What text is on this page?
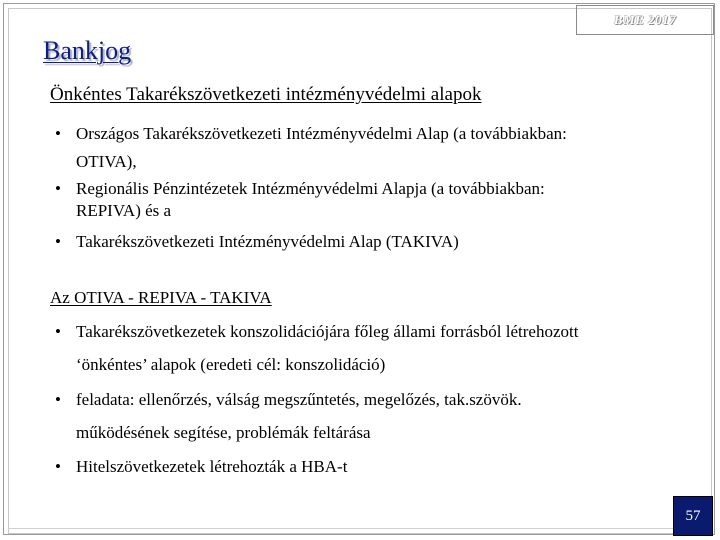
BME 2017
Bankjog
Önkéntes Takarékszövetkezeti intézményvédelmi alapok
• Országos Takarékszövetkezeti Intézményvédelmi Alap (a továbbiakban:
OTIVA),
• Regionális Pénzintézetek Intézményvédelmi Alapja (a továbbiakban:
REPIVA) és a
• Takarékszövetkezeti Intézményvédelmi Alap (TAKIVA)
Az OTIVA - REPIVA - TAKIVA
• Takarékszövetkezetek konszolidációjára főleg állami forrásból létrehozott
‘önkéntes’ alapok (eredeti cél: konszolidáció)
• feladata: ellenőrzés, válság megszűntetés, megelőzés, tak.szövök.
működésének segítése, problémák feltárása
• Hitelszövetkezetek létrehozták a HBA-t
57
